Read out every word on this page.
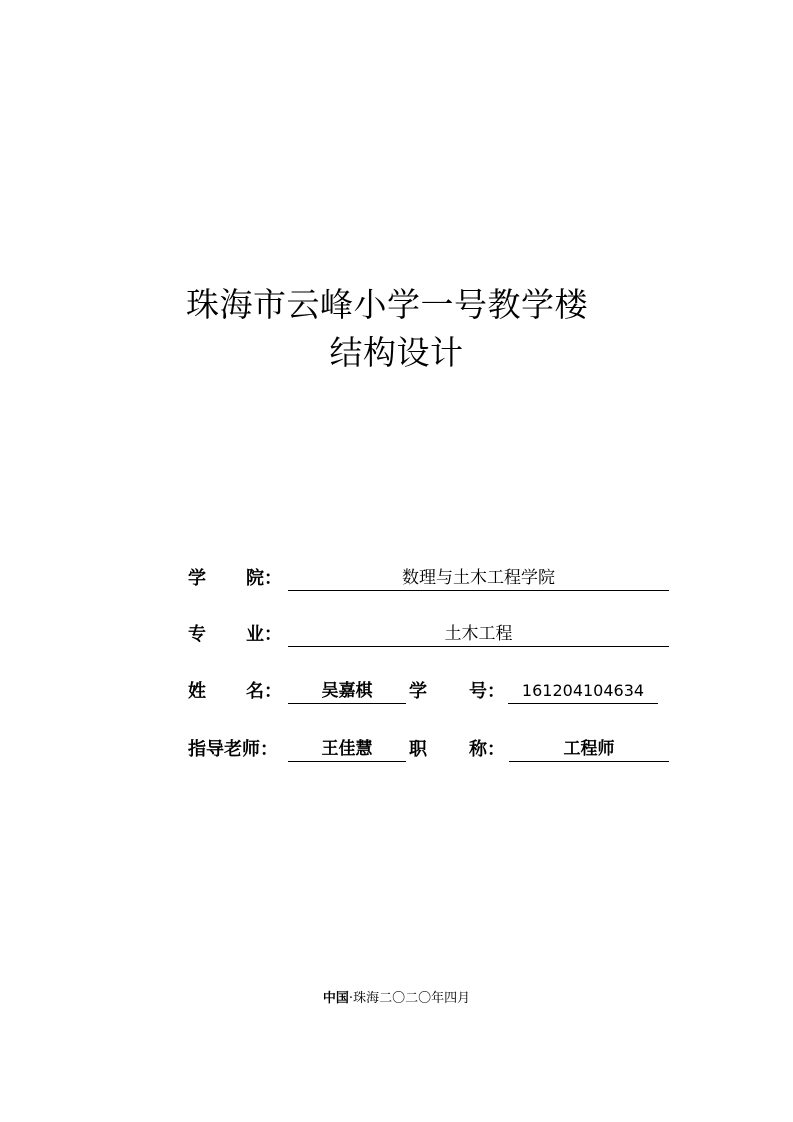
珠海市云峰小学一号教学楼
结构设计
学 院：	数理与土木工程学院
专 业：	土木工程
姓 名：	吴嘉棋	学 号：	161204104634
指导老师：	王佳慧	职 称：	工程师
中国·珠海二〇二〇年四月
